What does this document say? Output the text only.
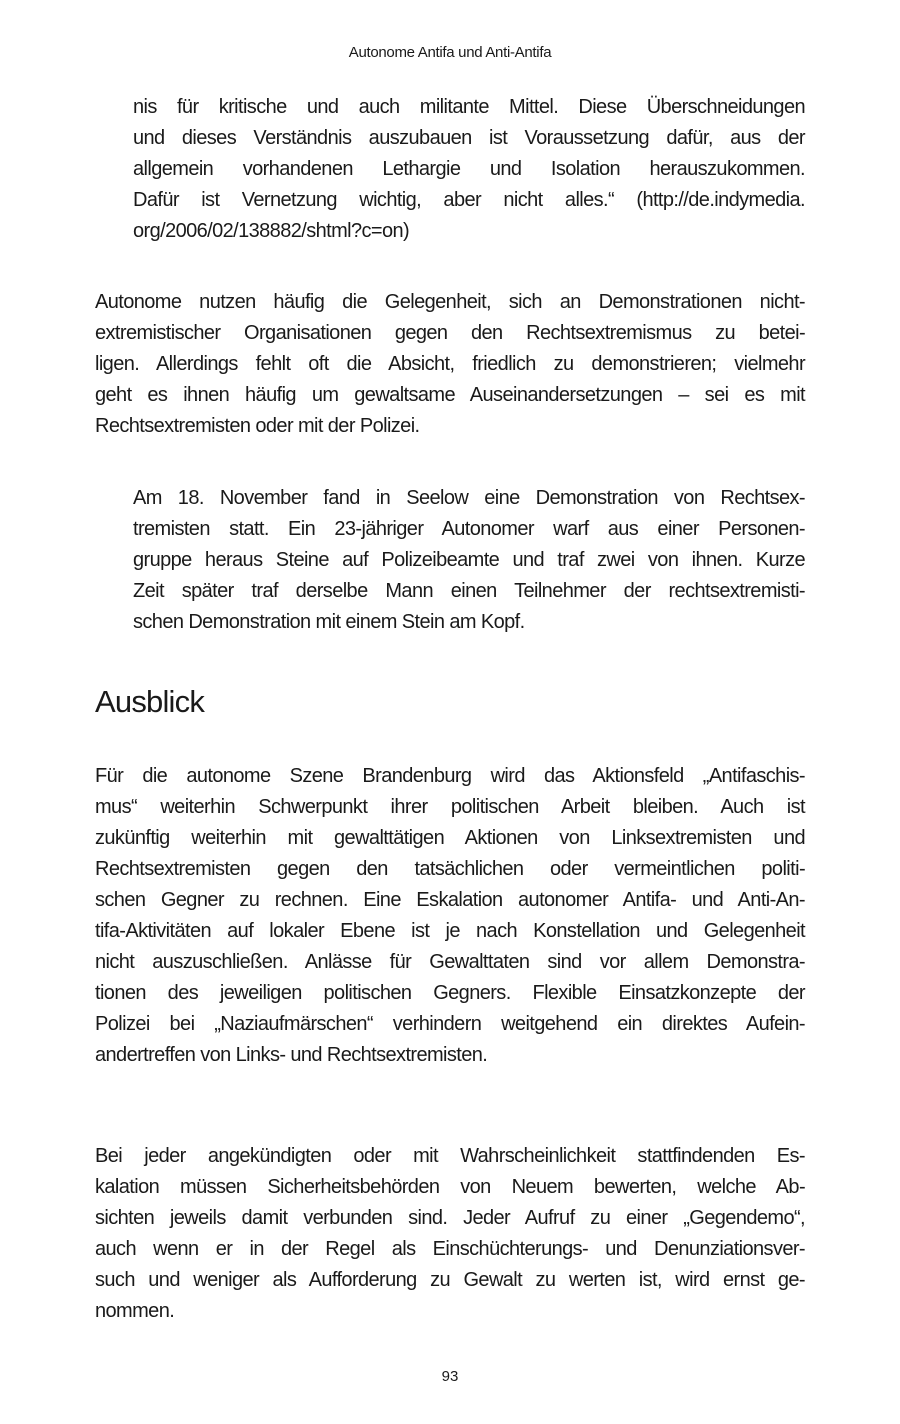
Autonome Antifa und Anti-Antifa
nis für kritische und auch militante Mittel. Diese Überschneidungen
und dieses Verständnis auszubauen ist Voraussetzung dafür, aus der
allgemein vorhandenen Lethargie und Isolation herauszukommen.
Dafür ist Vernetzung wichtig, aber nicht alles.“ (http://de.indymedia.
org/2006/02/138882/shtml?c=on)
Autonome nutzen häufig die Gelegenheit, sich an Demonstrationen nicht-
extremistischer Organisationen gegen den Rechtsextremismus zu betei-
ligen. Allerdings fehlt oft die Absicht, friedlich zu demonstrieren; vielmehr
geht es ihnen häufig um gewaltsame Auseinandersetzungen – sei es mit
Rechtsextremisten oder mit der Polizei.
Am 18. November fand in Seelow eine Demonstration von Rechtsex-
tremisten statt. Ein 23-jähriger Autonomer warf aus einer Personen-
gruppe heraus Steine auf Polizeibeamte und traf zwei von ihnen. Kurze
Zeit später traf derselbe Mann einen Teilnehmer der rechtsextremisti-
schen Demonstration mit einem Stein am Kopf.
Ausblick
Für die autonome Szene Brandenburg wird das Aktionsfeld „Antifaschis-
mus“ weiterhin Schwerpunkt ihrer politischen Arbeit bleiben. Auch ist
zukünftig weiterhin mit gewalttätigen Aktionen von Linksextremisten und
Rechtsextremisten gegen den tatsächlichen oder vermeintlichen politi-
schen Gegner zu rechnen. Eine Eskalation autonomer Antifa- und Anti-An-
tifa-Aktivitäten auf lokaler Ebene ist je nach Konstellation und Gelegenheit
nicht auszuschließen. Anlässe für Gewalttaten sind vor allem Demonstra-
tionen des jeweiligen politischen Gegners. Flexible Einsatzkonzepte der
Polizei bei „Naziaufmärschen“ verhindern weitgehend ein direktes Aufein-
andertreffen von Links- und Rechtsextremisten.
Bei jeder angekündigten oder mit Wahrscheinlichkeit stattfindenden Es-
kalation müssen Sicherheitsbehörden von Neuem bewerten, welche Ab-
sichten jeweils damit verbunden sind. Jeder Aufruf zu einer „Gegendemo“,
auch wenn er in der Regel als Einschüchterungs- und Denunziationsver-
such und weniger als Aufforderung zu Gewalt zu werten ist, wird ernst ge-
nommen.
93
